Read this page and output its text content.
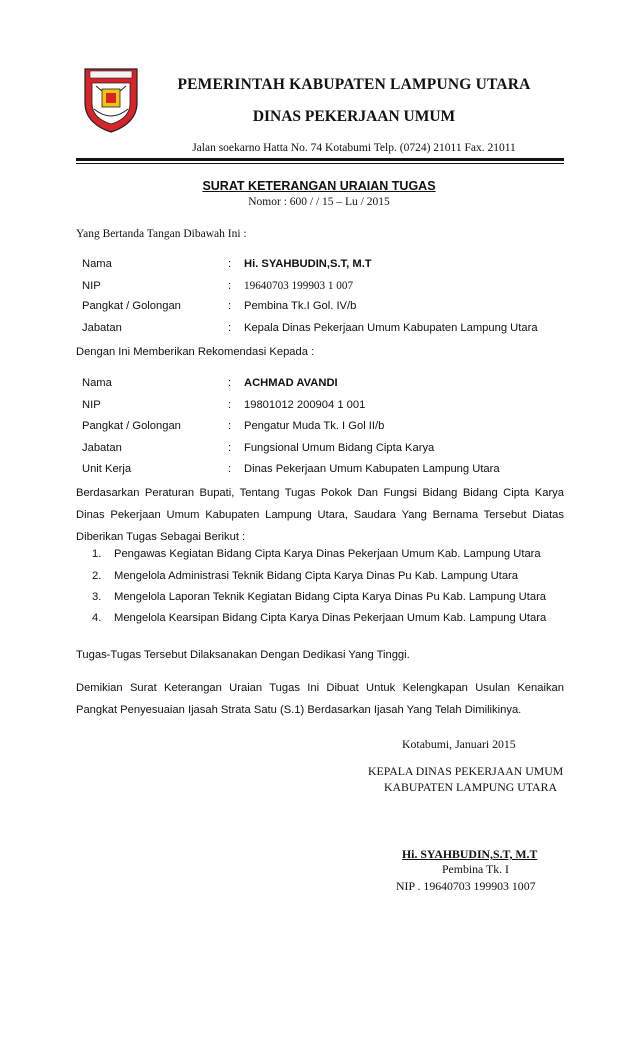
PEMERINTAH KABUPATEN LAMPUNG UTARA
DINAS PEKERJAAN UMUM
Jalan soekarno Hatta No. 74 Kotabumi Telp. (0724) 21011 Fax. 21011
SURAT KETERANGAN URAIAN TUGAS
Nomor : 600 / / 15 – Lu / 2015
Yang Bertanda Tangan Dibawah Ini :
Nama	: Hi. SYAHBUDIN,S.T, M.T
NIP	: 19640703 199903 1 007
Pangkat / Golongan	: Pembina Tk.I Gol. IV/b
Jabatan	: Kepala Dinas Pekerjaan Umum Kabupaten Lampung Utara
Dengan Ini Memberikan Rekomendasi Kepada :
Nama	: ACHMAD AVANDI
NIP	: 19801012 200904 1 001
Pangkat / Golongan	: Pengatur Muda Tk. I Gol II/b
Jabatan	: Fungsional Umum Bidang Cipta Karya
Unit Kerja	: Dinas Pekerjaan Umum Kabupaten Lampung Utara
Berdasarkan Peraturan Bupati, Tentang Tugas Pokok Dan Fungsi Bidang Bidang Cipta Karya Dinas Pekerjaan Umum Kabupaten Lampung Utara, Saudara Yang Bernama Tersebut Diatas Diberikan Tugas Sebagai Berikut :
1. Pengawas Kegiatan Bidang Cipta Karya Dinas Pekerjaan Umum Kab. Lampung Utara
2. Mengelola Administrasi Teknik Bidang Cipta Karya Dinas Pu Kab. Lampung Utara
3. Mengelola Laporan Teknik Kegiatan Bidang Cipta Karya Dinas Pu Kab. Lampung Utara
4. Mengelola Kearsipan Bidang Cipta Karya Dinas Pekerjaan Umum Kab. Lampung Utara
Tugas-Tugas Tersebut Dilaksanakan Dengan Dedikasi Yang Tinggi.
Demikian Surat Keterangan Uraian Tugas Ini Dibuat Untuk Kelengkapan Usulan Kenaikan Pangkat Penyesuaian Ijasah Strata Satu (S.1) Berdasarkan Ijasah Yang Telah Dimilikinya.
Kotabumi, Januari 2015
KEPALA DINAS PEKERJAAN UMUM
KABUPATEN LAMPUNG UTARA
Hi. SYAHBUDIN,S.T, M.T
Pembina Tk. I
NIP . 19640703 199903 1007
